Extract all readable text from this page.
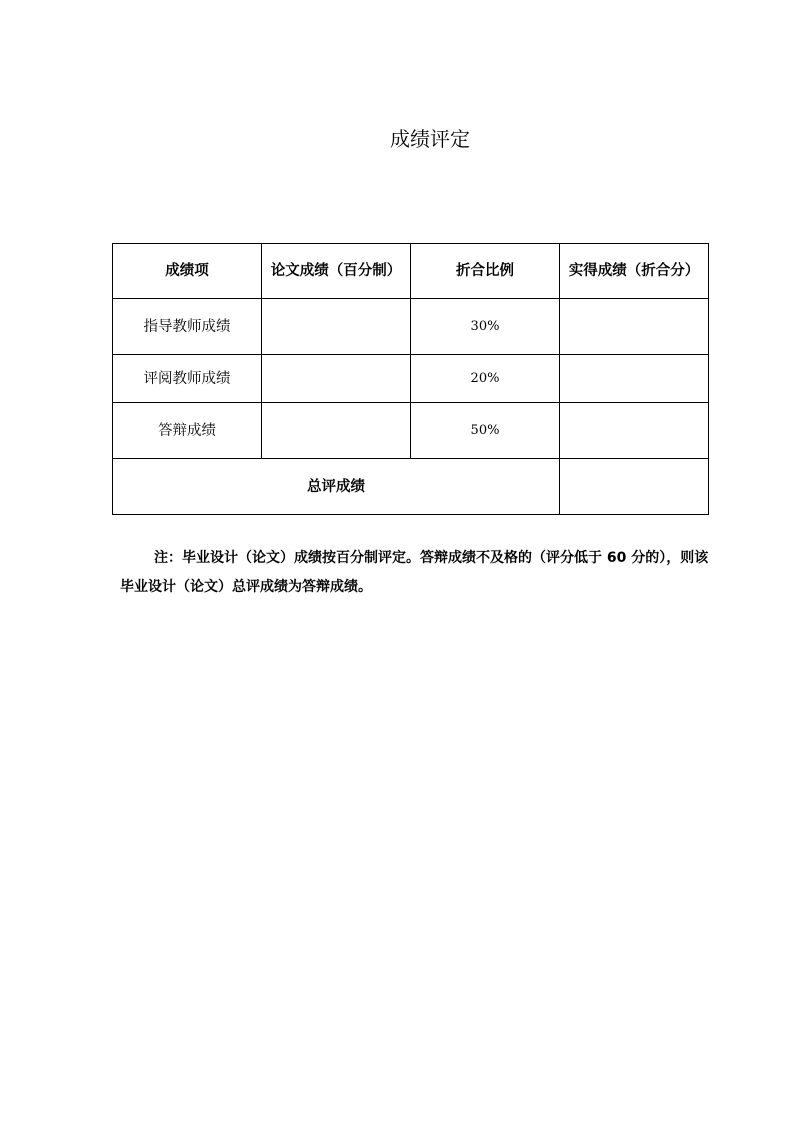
成绩评定
成绩项	论文成绩（百分制）	折合比例	实得成绩（折合分）
指导教师成绩		30%	
评阅教师成绩		20%	
答辩成绩		50%	
总评成绩			

注：毕业设计（论文）成绩按百分制评定。答辩成绩不及格的（评分低于 60 分的），则该毕业设计（论文）总评成绩为答辩成绩。
